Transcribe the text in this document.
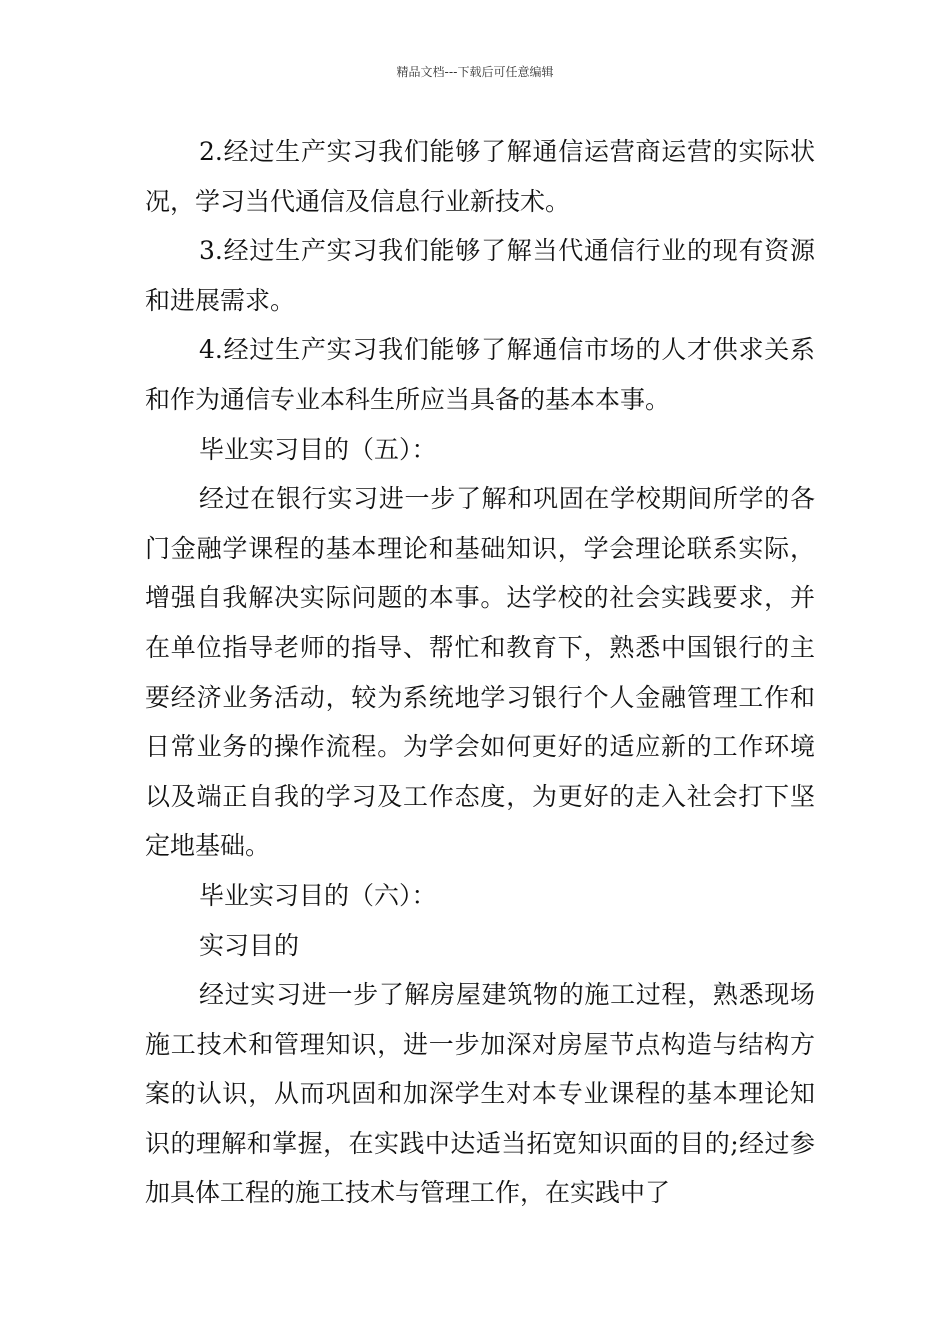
精品文档---下载后可任意编辑

2.经过生产实习我们能够了解通信运营商运营的实际状况，学习当代通信及信息行业新技术。

3.经过生产实习我们能够了解当代通信行业的现有资源和进展需求。

4.经过生产实习我们能够了解通信市场的人才供求关系和作为通信专业本科生所应当具备的基本本事。

毕业实习目的（五）：

经过在银行实习进一步了解和巩固在学校期间所学的各门金融学课程的基本理论和基础知识，学会理论联系实际，增强自我解决实际问题的本事。达学校的社会实践要求，并在单位指导老师的指导、帮忙和教育下，熟悉中国银行的主要经济业务活动，较为系统地学习银行个人金融管理工作和日常业务的操作流程。为学会如何更好的适应新的工作环境以及端正自我的学习及工作态度，为更好的走入社会打下坚定地基础。

毕业实习目的（六）：

实习目的

经过实习进一步了解房屋建筑物的施工过程，熟悉现场施工技术和管理知识，进一步加深对房屋节点构造与结构方案的认识，从而巩固和加深学生对本专业课程的基本理论知识的理解和掌握，在实践中达适当拓宽知识面的目的;经过参加具体工程的施工技术与管理工作，在实践中了
